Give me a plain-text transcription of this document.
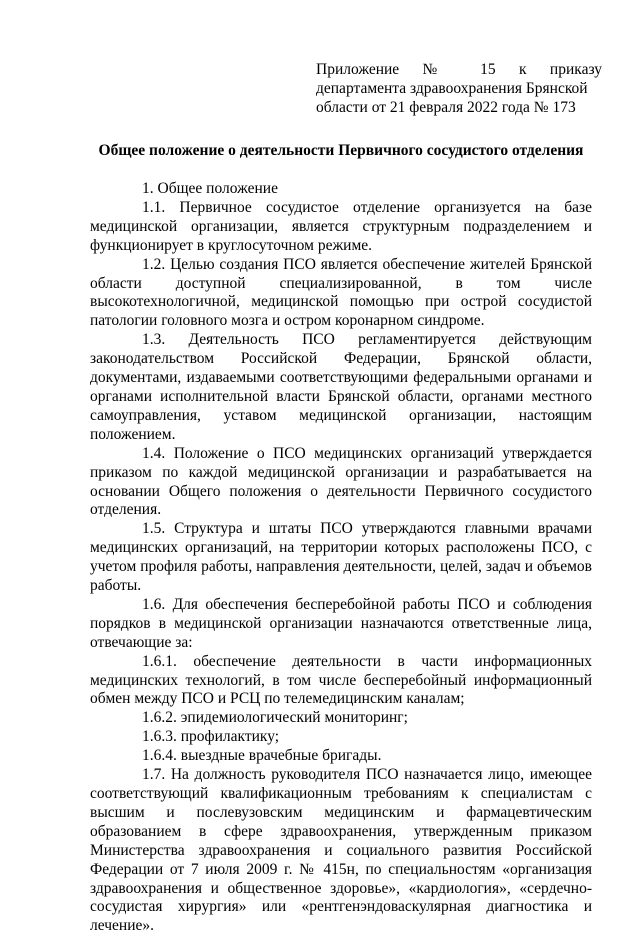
Приложение № 15 к приказу
департамента здравоохранения Брянской
области от 21 февраля 2022 года № 173
Общее положение о деятельности Первичного сосудистого отделения

1. Общее положение

1.1. Первичное сосудистое отделение организуется на базе медицинской организации, является структурным подразделением и функционирует в круглосуточном режиме.

1.2. Целью создания ПСО является обеспечение жителей Брянской области доступной специализированной, в том числе высокотехнологичной, медицинской помощью при острой сосудистой патологии головного мозга и остром коронарном синдроме.

1.3. Деятельность ПСО регламентируется действующим законодательством Российской Федерации, Брянской области, документами, издаваемыми соответствующими федеральными органами и органами исполнительной власти Брянской области, органами местного самоуправления, уставом медицинской организации, настоящим положением.

1.4. Положение о ПСО медицинских организаций утверждается приказом по каждой медицинской организации и разрабатывается на основании Общего положения о деятельности Первичного сосудистого отделения.

1.5. Структура и штаты ПСО утверждаются главными врачами медицинских организаций, на территории которых расположены ПСО, с учетом профиля работы, направления деятельности, целей, задач и объемов работы.

1.6. Для обеспечения бесперебойной работы ПСО и соблюдения порядков в медицинской организации назначаются ответственные лица, отвечающие за:

1.6.1. обеспечение деятельности в части информационных медицинских технологий, в том числе бесперебойный информационный обмен между ПСО и РСЦ по телемедицинским каналам;

1.6.2. эпидемиологический мониторинг;

1.6.3. профилактику;

1.6.4. выездные врачебные бригады.

1.7. На должность руководителя ПСО назначается лицо, имеющее соответствующий квалификационным требованиям к специалистам с высшим и послевузовским медицинским и фармацевтическим образованием в сфере здравоохранения, утвержденным приказом Министерства здравоохранения и социального развития Российской Федерации от 7 июля 2009 г. № 415н, по специальностям «организация здравоохранения и общественное здоровье», «кардиология», «сердечно-сосудистая хирургия» или «рентгенэндоваскулярная диагностика и лечение».
